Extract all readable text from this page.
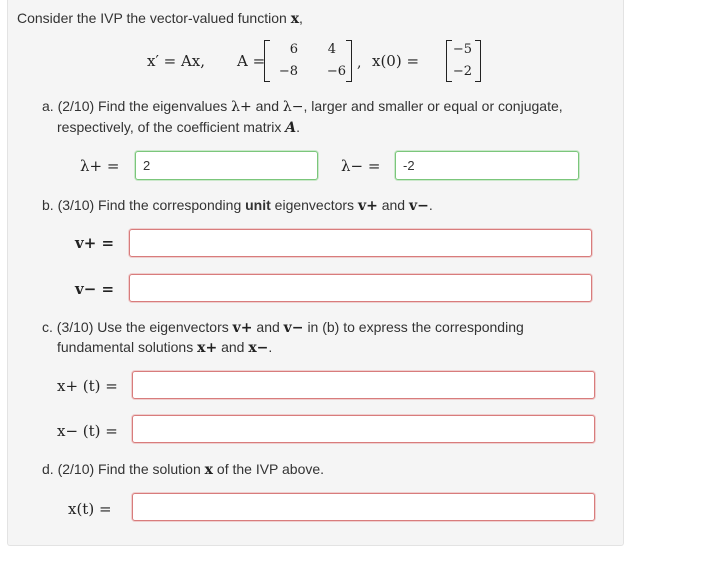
Consider the IVP the vector-valued function x,
x′ = Ax, A =
6	4
−8 −6
, x(0) =
−5
−2
a. (2/10) Find the eigenvalues λ+ and λ−, larger and smaller or equal or conjugate,
respectively, of the coefficient matrix A.
λ+ =
2	λ− =
-2
b. (3/10) Find the corresponding unit eigenvectors v+ and v−.
v+ =
v− =
c. (3/10) Use the eigenvectors v+ and v− in (b) to express the corresponding
fundamental solutions x+ and x−.
x+ (t) =
x− (t) =
d. (2/10) Find the solution x of the IVP above.
x(t) =
